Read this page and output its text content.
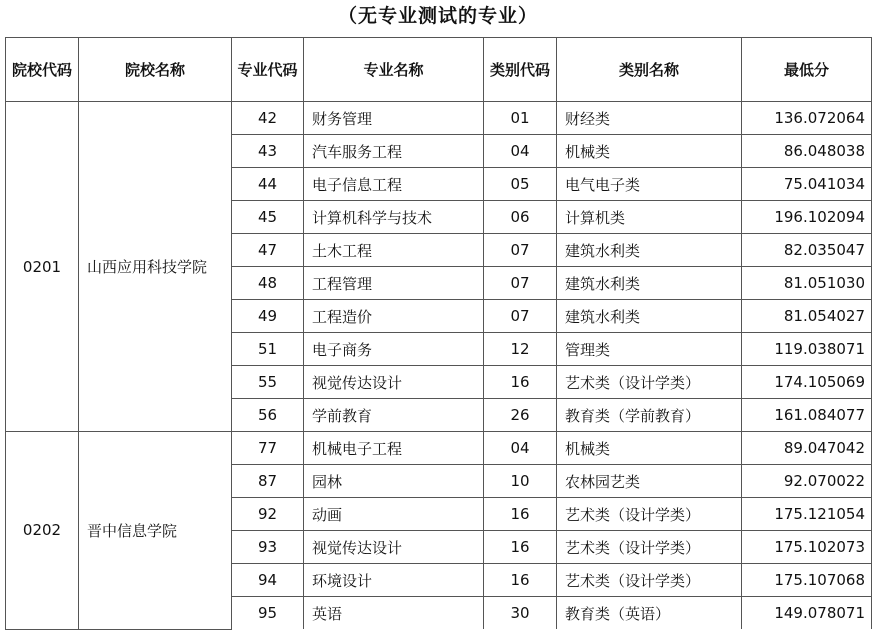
（无专业测试的专业）
院校代码	院校名称	专业代码	专业名称	类别代码	类别名称	最低分
0201	山西应用科技学院	42	财务管理	01	财经类	136.072064
		43	汽车服务工程	04	机械类	86.048038
		44	电子信息工程	05	电气电子类	75.041034
		45	计算机科学与技术	06	计算机类	196.102094
		47	土木工程	07	建筑水利类	82.035047
		48	工程管理	07	建筑水利类	81.051030
		49	工程造价	07	建筑水利类	81.054027
		51	电子商务	12	管理类	119.038071
		55	视觉传达设计	16	艺术类（设计学类）	174.105069
		56	学前教育	26	教育类（学前教育）	161.084077
0202	晋中信息学院	77	机械电子工程	04	机械类	89.047042
		87	园林	10	农林园艺类	92.070022
		92	动画	16	艺术类（设计学类）	175.121054
		93	视觉传达设计	16	艺术类（设计学类）	175.102073
		94	环境设计	16	艺术类（设计学类）	175.107068
		95	英语	30	教育类（英语）	149.078071
